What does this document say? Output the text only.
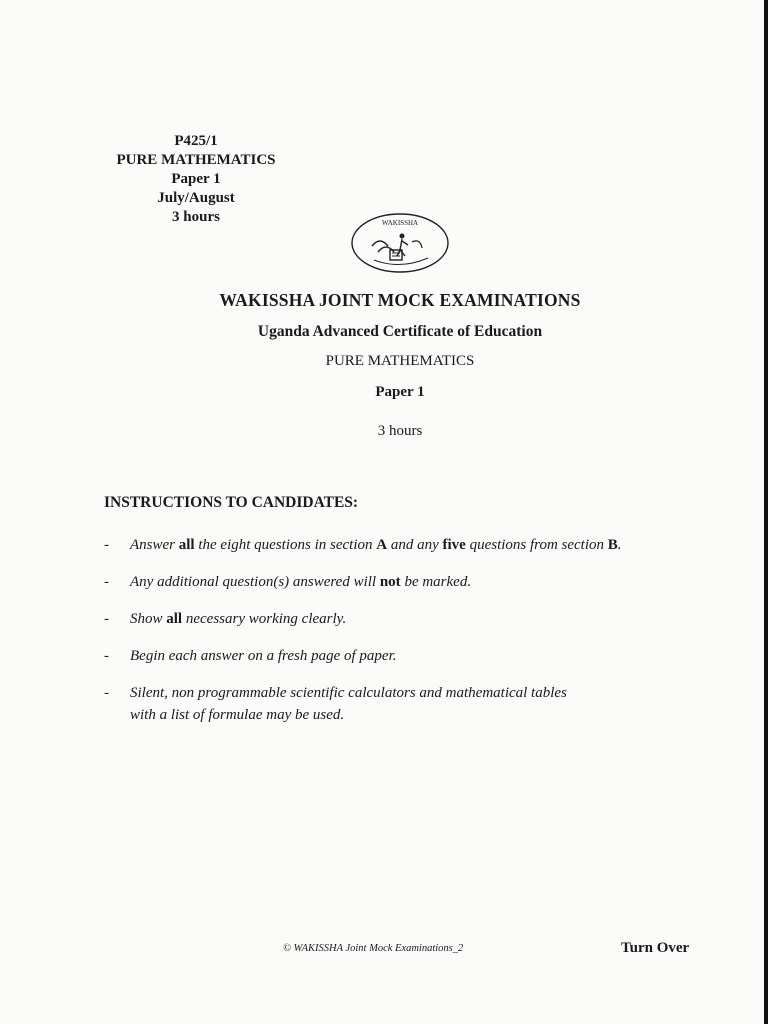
P425/1
PURE MATHEMATICS
Paper 1
July/August
3 hours	WAKISSHA
WAKISSHA JOINT MOCK EXAMINATIONS
Uganda Advanced Certificate of Education
PURE MATHEMATICS
Paper 1
3 hours
INSTRUCTIONS TO CANDIDATES:
- Answer all the eight questions in section A and any five questions from section B.
- Any additional question(s) answered will not be marked.
- Show all necessary working clearly.
- Begin each answer on a fresh page of paper.
- Silent, non programmable scientific calculators and mathematical tables
with a list of formulae may be used.
© WAKISSHA Joint Mock Examinations_2	Turn Over
